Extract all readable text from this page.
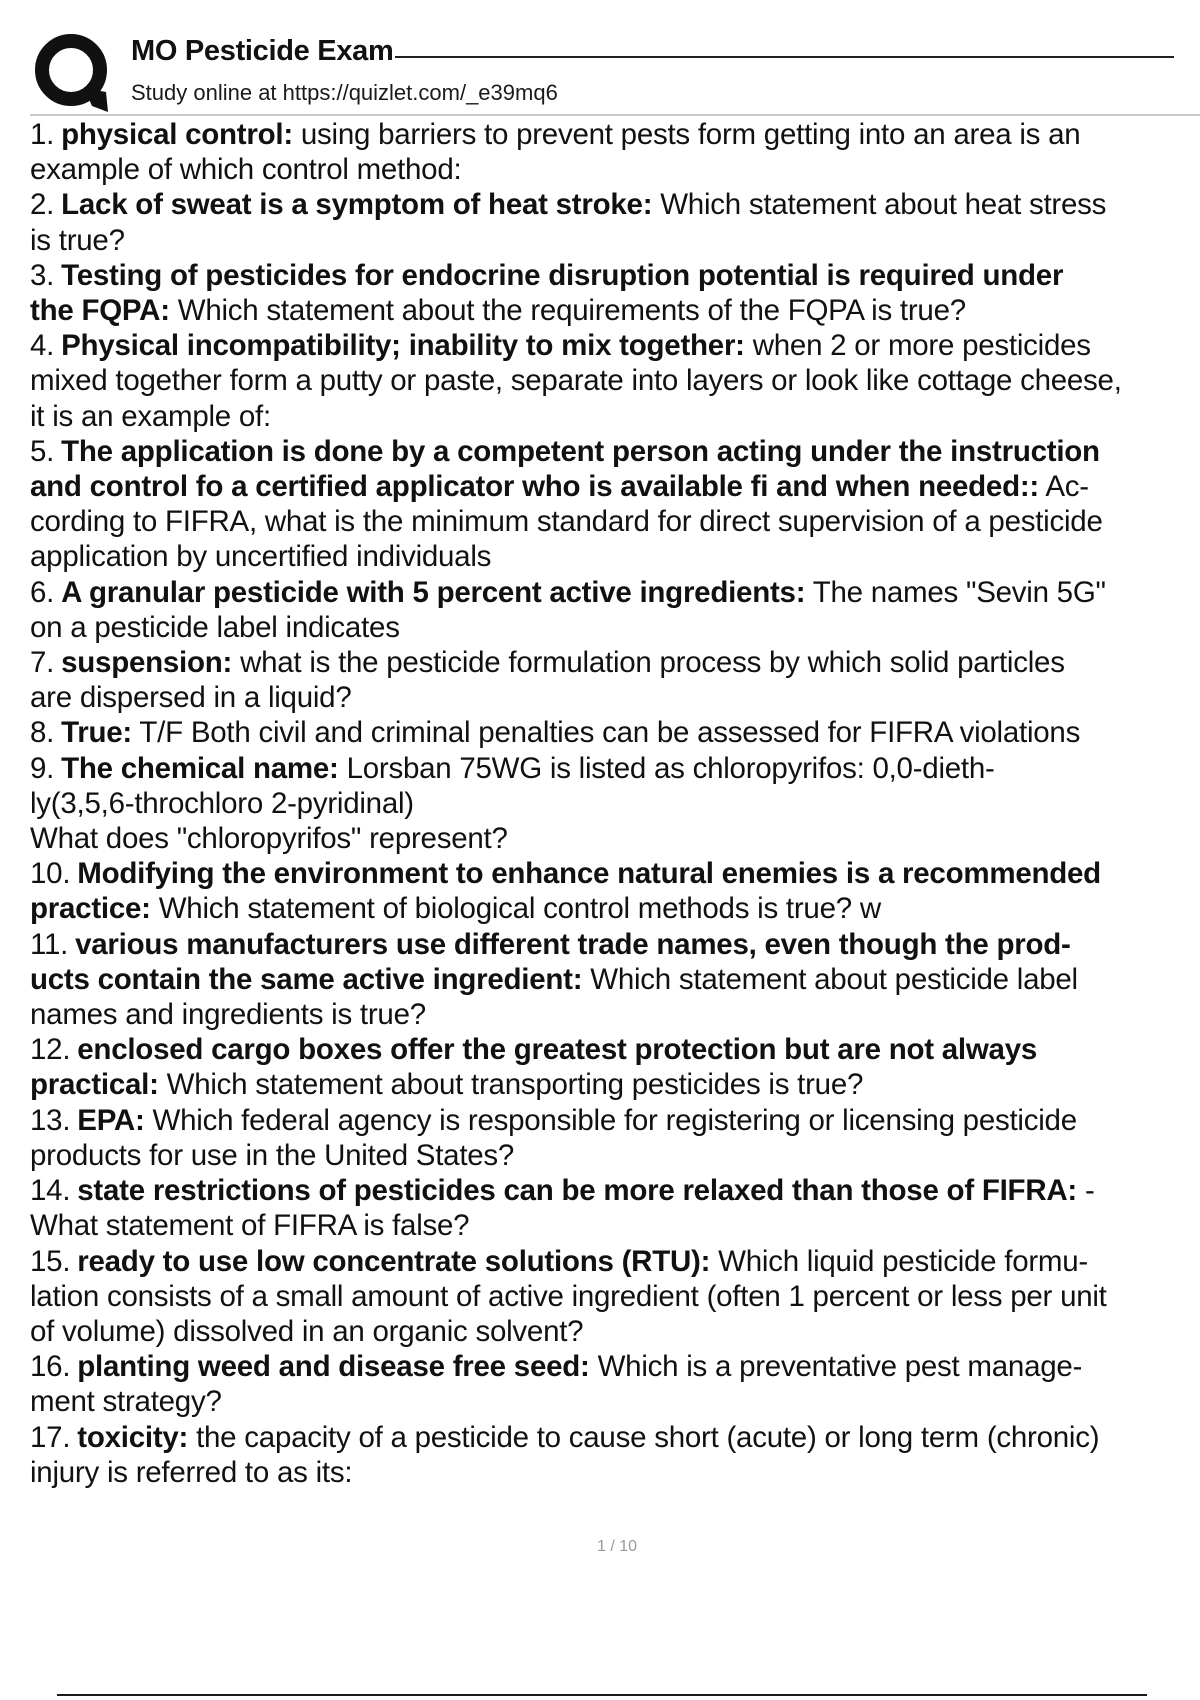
MO Pesticide Exam
Study online at https://quizlet.com/_e39mq6
1. physical control: using barriers to prevent pests form getting into an area is an
example of which control method:
2. Lack of sweat is a symptom of heat stroke: Which statement about heat stress
is true?
3. Testing of pesticides for endocrine disruption potential is required under
the FQPA: Which statement about the requirements of the FQPA is true?
4. Physical incompatibility; inability to mix together: when 2 or more pesticides
mixed together form a putty or paste, separate into layers or look like cottage cheese,
it is an example of:
5. The application is done by a competent person acting under the instruction
and control fo a certified applicator who is available fi and when needed:: Ac-
cording to FIFRA, what is the minimum standard for direct supervision of a pesticide
application by uncertified individuals
6. A granular pesticide with 5 percent active ingredients: The names "Sevin 5G"
on a pesticide label indicates
7. suspension: what is the pesticide formulation process by which solid particles
are dispersed in a liquid?
8. True: T/F Both civil and criminal penalties can be assessed for FIFRA violations
9. The chemical name: Lorsban 75WG is listed as chloropyrifos: 0,0-dieth-
ly(3,5,6-throchloro 2-pyridinal)
What does "chloropyrifos" represent?
10. Modifying the environment to enhance natural enemies is a recommended
practice: Which statement of biological control methods is true? w
11. various manufacturers use different trade names, even though the prod-
ucts contain the same active ingredient: Which statement about pesticide label
names and ingredients is true?
12. enclosed cargo boxes offer the greatest protection but are not always
practical: Which statement about transporting pesticides is true?
13. EPA: Which federal agency is responsible for registering or licensing pesticide
products for use in the United States?
14. state restrictions of pesticides can be more relaxed than those of FIFRA: -
What statement of FIFRA is false?
15. ready to use low concentrate solutions (RTU): Which liquid pesticide formu-
lation consists of a small amount of active ingredient (often 1 percent or less per unit
of volume) dissolved in an organic solvent?
16. planting weed and disease free seed: Which is a preventative pest manage-
ment strategy?
17. toxicity: the capacity of a pesticide to cause short (acute) or long term (chronic)
injury is referred to as its:
1 / 10
